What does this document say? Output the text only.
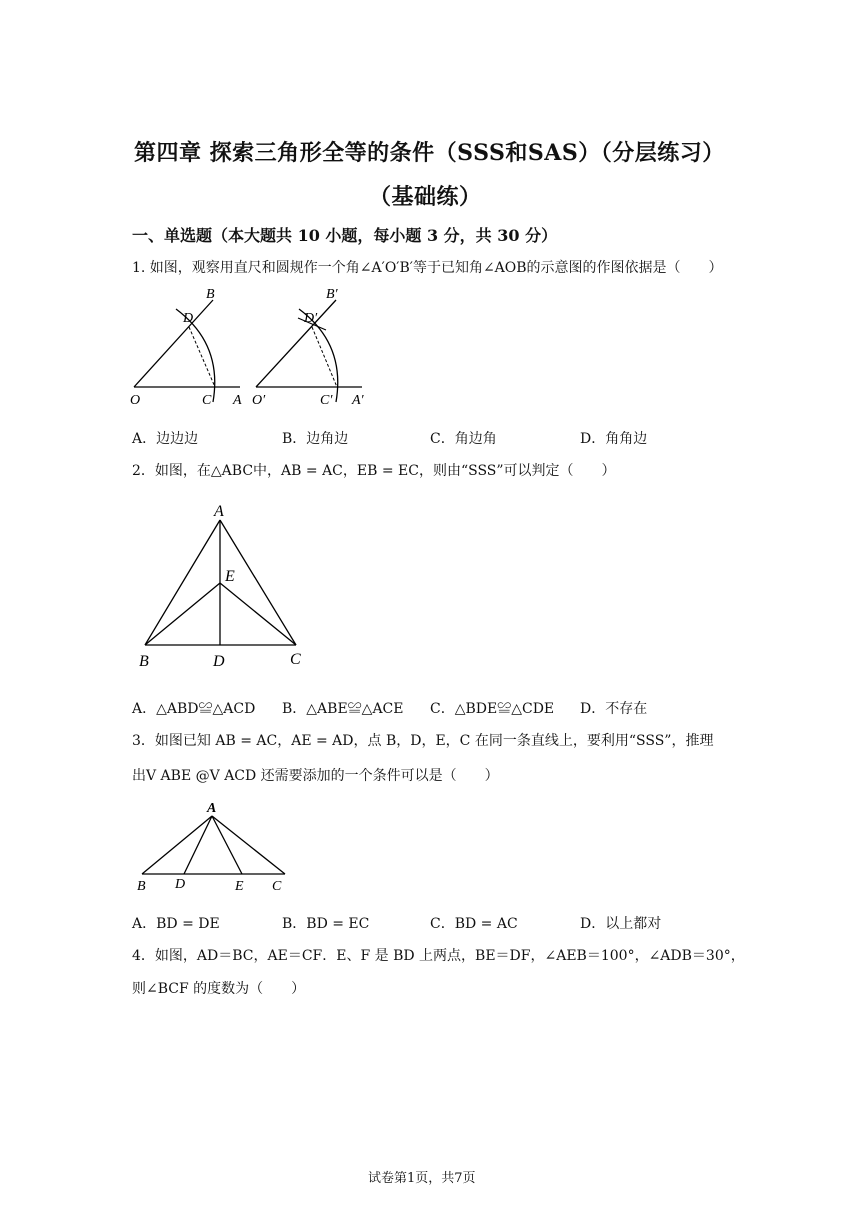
第四章 探索三角形全等的条件（SSS和SAS）（分层练习）
（基础练）
一、单选题（本大题共 10 小题，每小题 3 分，共 30 分）
1. 如图，观察用直尺和圆规作一个角∠A′O′B′等于已知角∠AOB的示意图的作图依据是（　　）
B
D
O	C A
B′
D′
O′	C′ A′
A．边边边	B．边角边	C．角边角	D．角角边
2．如图，在△ABC中，AB = AC，EB = EC，则由“SSS”可以判定（　　）
A
E
B	D	C
A．△ABD≌△ACD B．△ABE≌△ACE C．△BDE≌△CDE D．不存在
3．如图已知 AB = AC，AE = AD，点 B，D，E，C 在同一条直线上，要利用“SSS”，推理
出V ABE @V ACD 还需要添加的一个条件可以是（　　）
A
B D	E C
A．BD = DE	B．BD = EC	C．BD = AC	D．以上都对
4．如图，AD＝BC，AE＝CF．E、F 是 BD 上两点，BE＝DF，∠AEB＝100°，∠ADB＝30°，
则∠BCF 的度数为（　　）
试卷第1页，共7页
